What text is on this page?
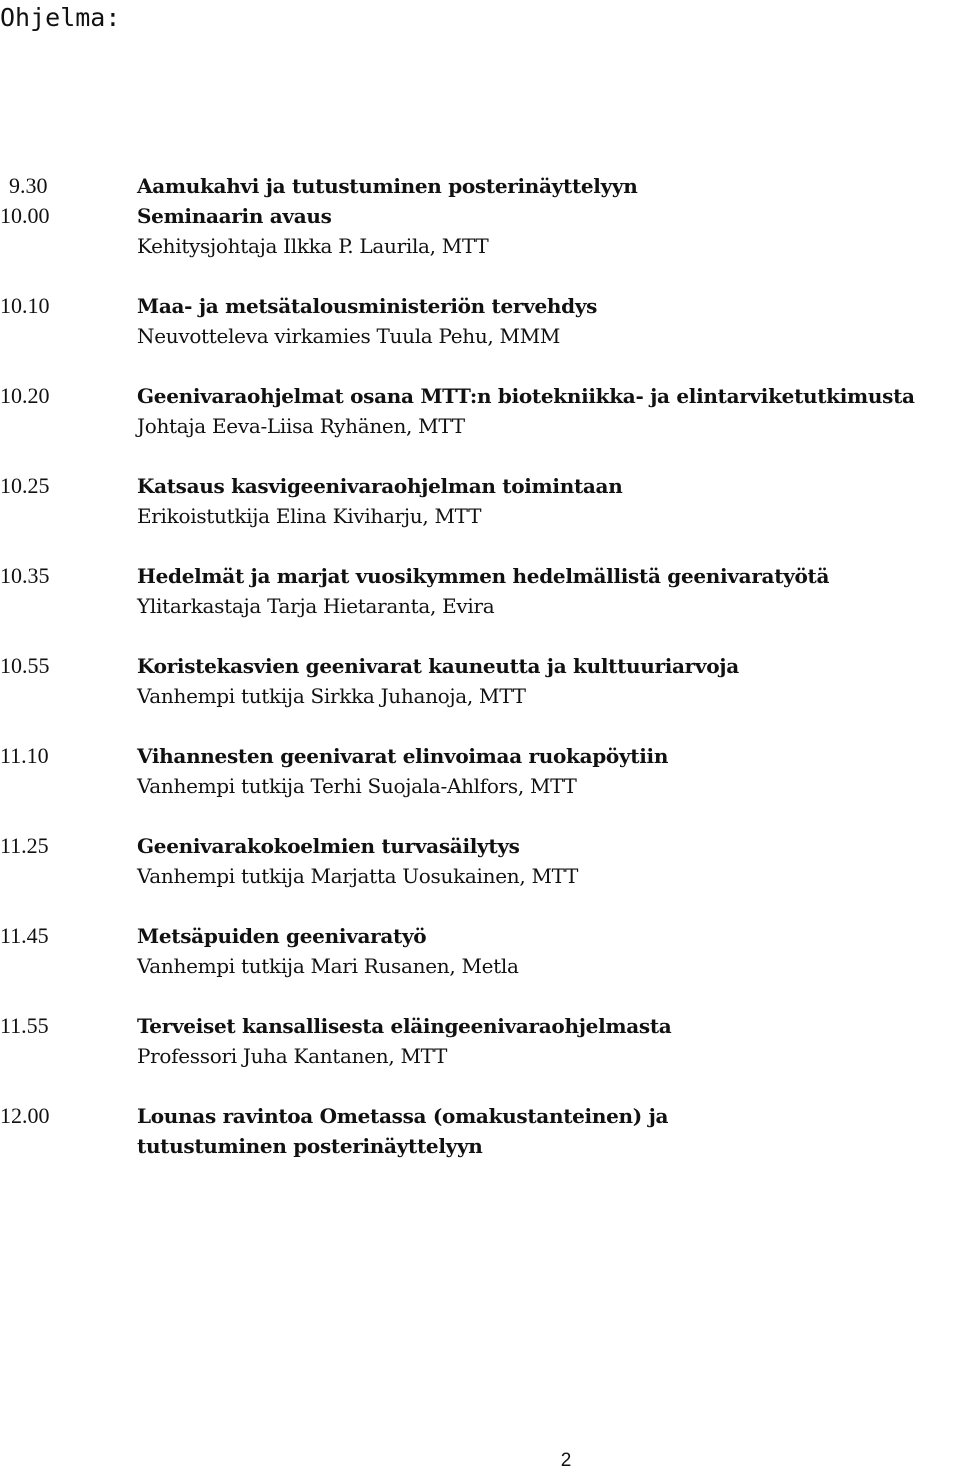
Ohjelma:
9.30	Aamukahvi ja tutustuminen posterinäyttelyyn
10.00	Seminaarin avaus
Kehitysjohtaja Ilkka P. Laurila, MTT
10.10	Maa- ja metsätalousministeriön tervehdys
Neuvotteleva virkamies Tuula Pehu, MMM
10.20	Geenivaraohjelmat osana MTT:n biotekniikka- ja elintarviketutkimusta
Johtaja Eeva-Liisa Ryhänen, MTT
10.25	Katsaus kasvigeenivaraohjelman toimintaan
Erikoistutkija Elina Kiviharju, MTT
10.35	Hedelmät ja marjat vuosikymmen hedelmällistä geenivaratyötä
Ylitarkastaja Tarja Hietaranta, Evira
10.55	Koristekasvien geenivarat kauneutta ja kulttuuriarvoja
Vanhempi tutkija Sirkka Juhanoja, MTT
11.10	Vihannesten geenivarat elinvoimaa ruokapöytiin
Vanhempi tutkija Terhi Suojala-Ahlfors, MTT
11.25	Geenivarakokoelmien turvasäilytys
Vanhempi tutkija Marjatta Uosukainen, MTT
11.45	Metsäpuiden geenivaratyö
Vanhempi tutkija Mari Rusanen, Metla
11.55	Terveiset kansallisesta eläingeenivaraohjelmasta
Professori Juha Kantanen, MTT
12.00	Lounas ravintoa Ometassa (omakustanteinen) ja tutustuminen posterinäyttelyyn
2
